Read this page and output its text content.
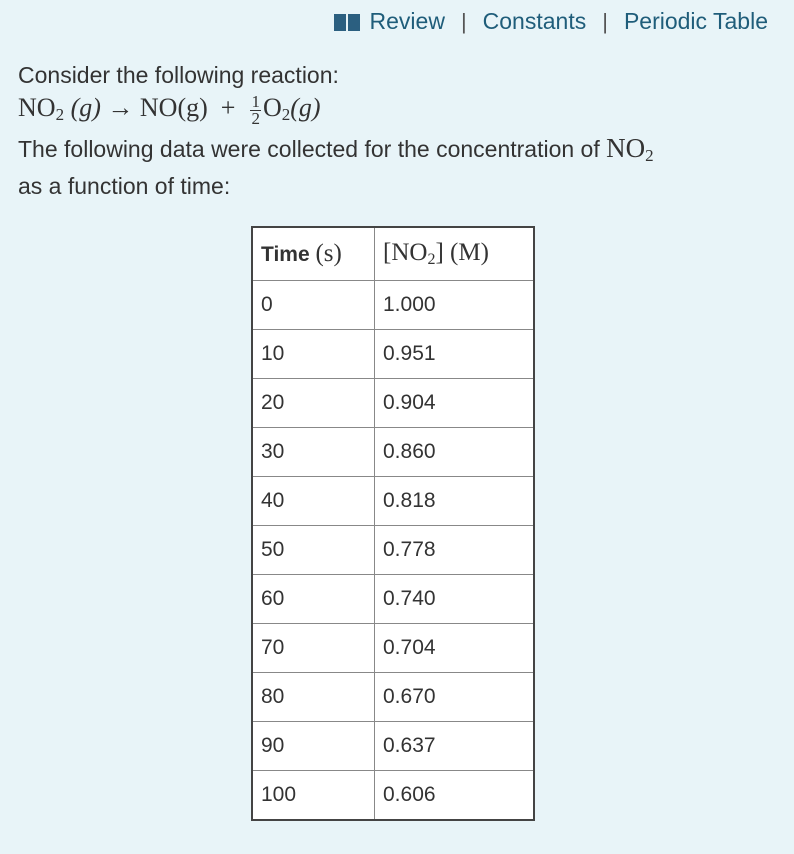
Review | Constants | Periodic Table
Consider the following reaction:
$NO_2$ $(g) \to NO(g) + \frac{1}{2} O_2(g)$
The following data were collected for the concentration of $NO_2$
as a function of time:
Time (s)	$[NO_2]$ (M)
0	1.000
10	0.951
20	0.904
30	0.860
40	0.818
50	0.778
60	0.740
70	0.704
80	0.670
90	0.637
100	0.606
